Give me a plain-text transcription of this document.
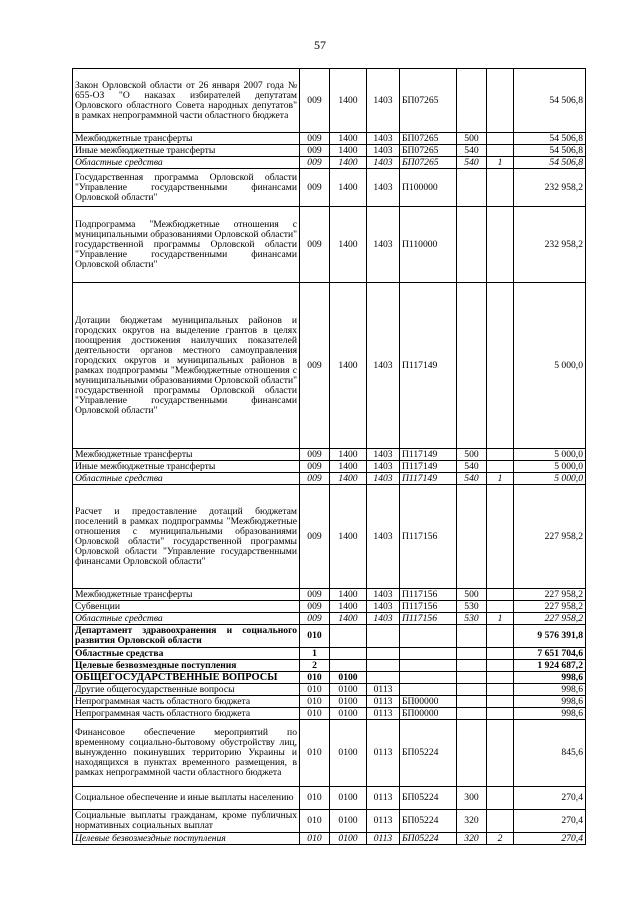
57
Закон Орловской области от 26 января 2007 года № 655-ОЗ "О наказах избирателей депутатам Орловского областного Совета народных депутатов" в рамках непрограммной части областного бюджета	009	1400	1403	БП07265			54 506,8
Межбюджетные трансферты	009	1400	1403	БП07265	500		54 506,8
Иные межбюджетные трансферты	009	1400	1403	БП07265	540		54 506,8
Областные средства	009	1400	1403	БП07265	540	1	54 506,8
Государственная программа Орловской области "Управление государственными финансами Орловской области"	009	1400	1403	П100000			232 958,2
Подпрограмма "Межбюджетные отношения с муниципальными образованиями Орловской области" государственной программы Орловской области "Управление государственными финансами Орловской области"	009	1400	1403	П110000			232 958,2
Дотации бюджетам муниципальных районов и городских округов на выделение грантов в целях поощрения достижения наилучших показателей деятельности органов местного самоуправления городских округов и муниципальных районов в рамках подпрограммы "Межбюджетные отношения с муниципальными образованиями Орловской области" государственной программы Орловской области "Управление государственными финансами Орловской области"	009	1400	1403	П117149			5 000,0
Межбюджетные трансферты	009	1400	1403	П117149	500		5 000,0
Иные межбюджетные трансферты	009	1400	1403	П117149	540		5 000,0
Областные средства	009	1400	1403	П117149	540	1	5 000,0
Расчет и предоставление дотаций бюджетам поселений в рамках подпрограммы "Межбюджетные отношения с муниципальными образованиями Орловской области" государственной программы Орловской области "Управление государственными финансами Орловской области"	009	1400	1403	П117156			227 958,2
Межбюджетные трансферты	009	1400	1403	П117156	500		227 958,2
Субвенции	009	1400	1403	П117156	530		227 958,2
Областные средства	009	1400	1403	П117156	530	1	227 958,2
Департамент здравоохранения и социального развития Орловской области	010						9 576 391,8
Областные средства	1						7 651 704,6
Целевые безвозмездные поступления	2						1 924 687,2
ОБЩЕГОСУДАРСТВЕННЫЕ ВОПРОСЫ	010	0100					998,6
Другие общегосударственные вопросы	010	0100	0113				998,6
Непрограммная часть областного бюджета	010	0100	0113	БП00000			998,6
Непрограммная часть областного бюджета	010	0100	0113	БП00000			998,6
Финансовое обеспечение мероприятий по временному социально-бытовому обустройству лиц, вынужденно покинувших территорию Украины и находящихся в пунктах временного размещения, в рамках непрограммной части областного бюджета	010	0100	0113	БП05224			845,6
Социальное обеспечение и иные выплаты населению	010	0100	0113	БП05224	300		270,4
Социальные выплаты гражданам, кроме публичных нормативных социальных выплат	010	0100	0113	БП05224	320		270,4
Целевые безвозмездные поступления	010	0100	0113	БП05224	320	2	270,4
